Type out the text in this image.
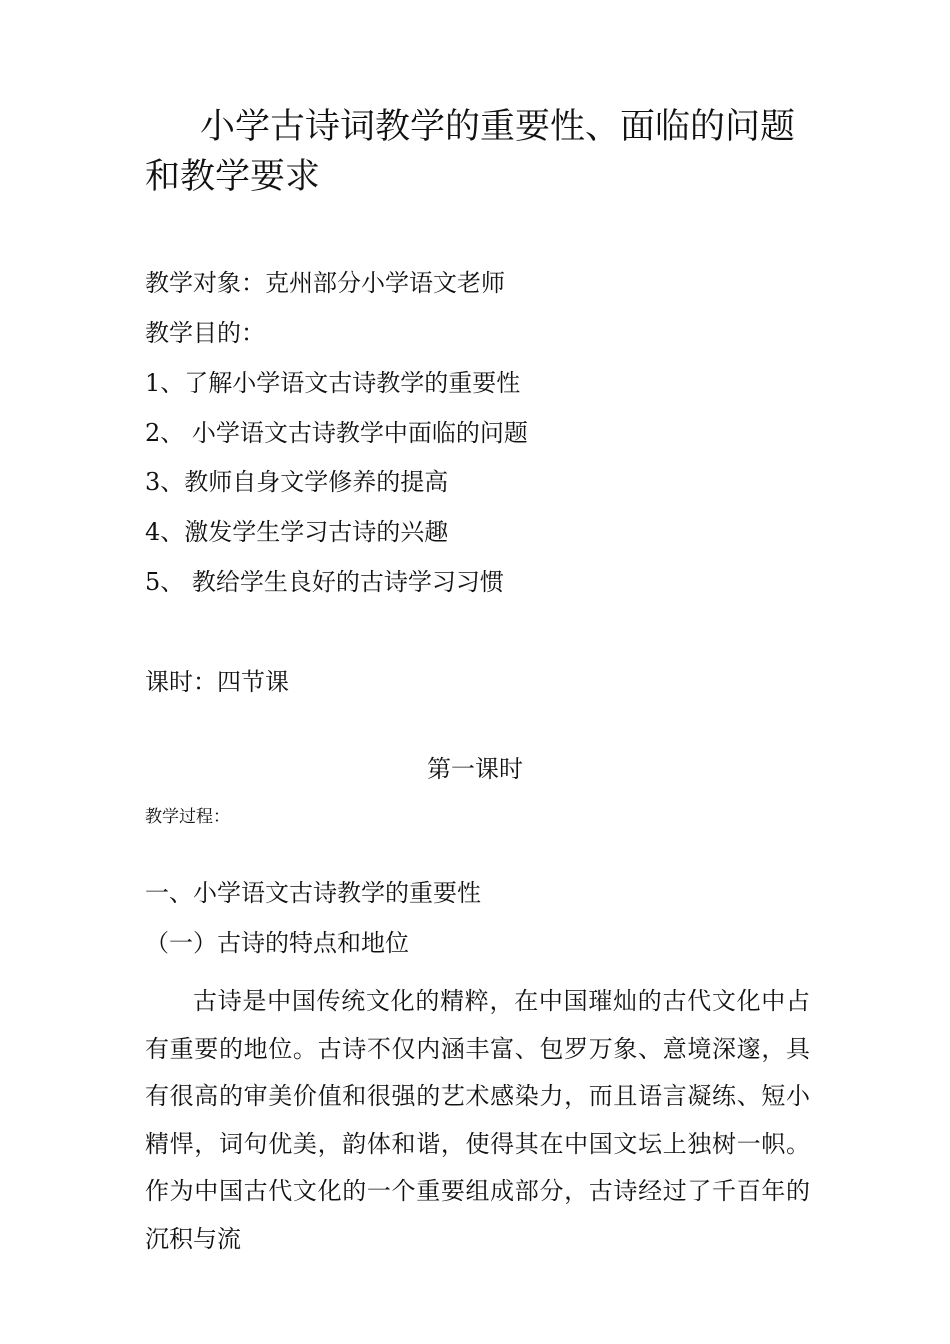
小学古诗词教学的重要性、面临的问题和教学要求

教学对象：克州部分小学语文老师

教学目的：

1、了解小学语文古诗教学的重要性

2、 小学语文古诗教学中面临的问题

3、教师自身文学修养的提高

4、激发学生学习古诗的兴趣

5、 教给学生良好的古诗学习习惯

课时：四节课

第一课时

教学过程：

一、小学语文古诗教学的重要性

（一）古诗的特点和地位

古诗是中国传统文化的精粹，在中国璀灿的古代文化中占有重要的地位。古诗不仅内涵丰富、包罗万象、意境深邃，具有很高的审美价值和很强的艺术感染力，而且语言凝练、短小精悍，词句优美，韵体和谐，使得其在中国文坛上独树一帜。作为中国古代文化的一个重要组成部分，古诗经过了千百年的沉积与流
